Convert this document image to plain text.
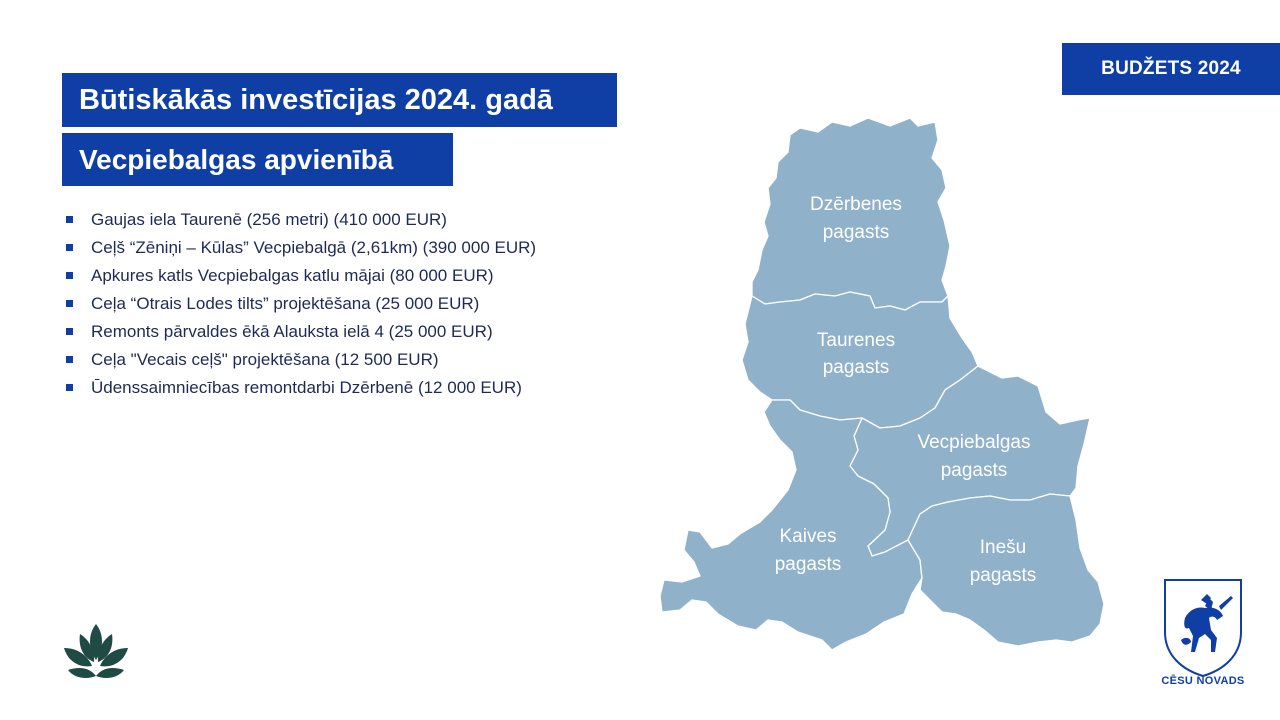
BUDŽETS 2024
Būtiskākās investīcijas 2024. gadā
Vecpiebalgas apvienībā
Gaujas iela Taurenē (256 metri) (410 000 EUR)
Ceļš “Zēniņi – Kūlas” Vecpiebalgā (2,61km) (390 000 EUR)
Apkures katls Vecpiebalgas katlu mājai (80 000 EUR)
Ceļa “Otrais Lodes tilts” projektēšana (25 000 EUR)
Remonts pārvaldes ēkā Alauksta ielā 4 (25 000 EUR)
Ceļa "Vecais ceļš" projektēšana (12 500 EUR)
Ūdenssaimniecības remontdarbi Dzērbenē (12 000 EUR)
Dzērbenes
pagasts
Taurenes
pagasts
Vecpiebalgas
pagasts
Kaives
pagasts
Inešu
pagasts
CĒSU NOVADS
